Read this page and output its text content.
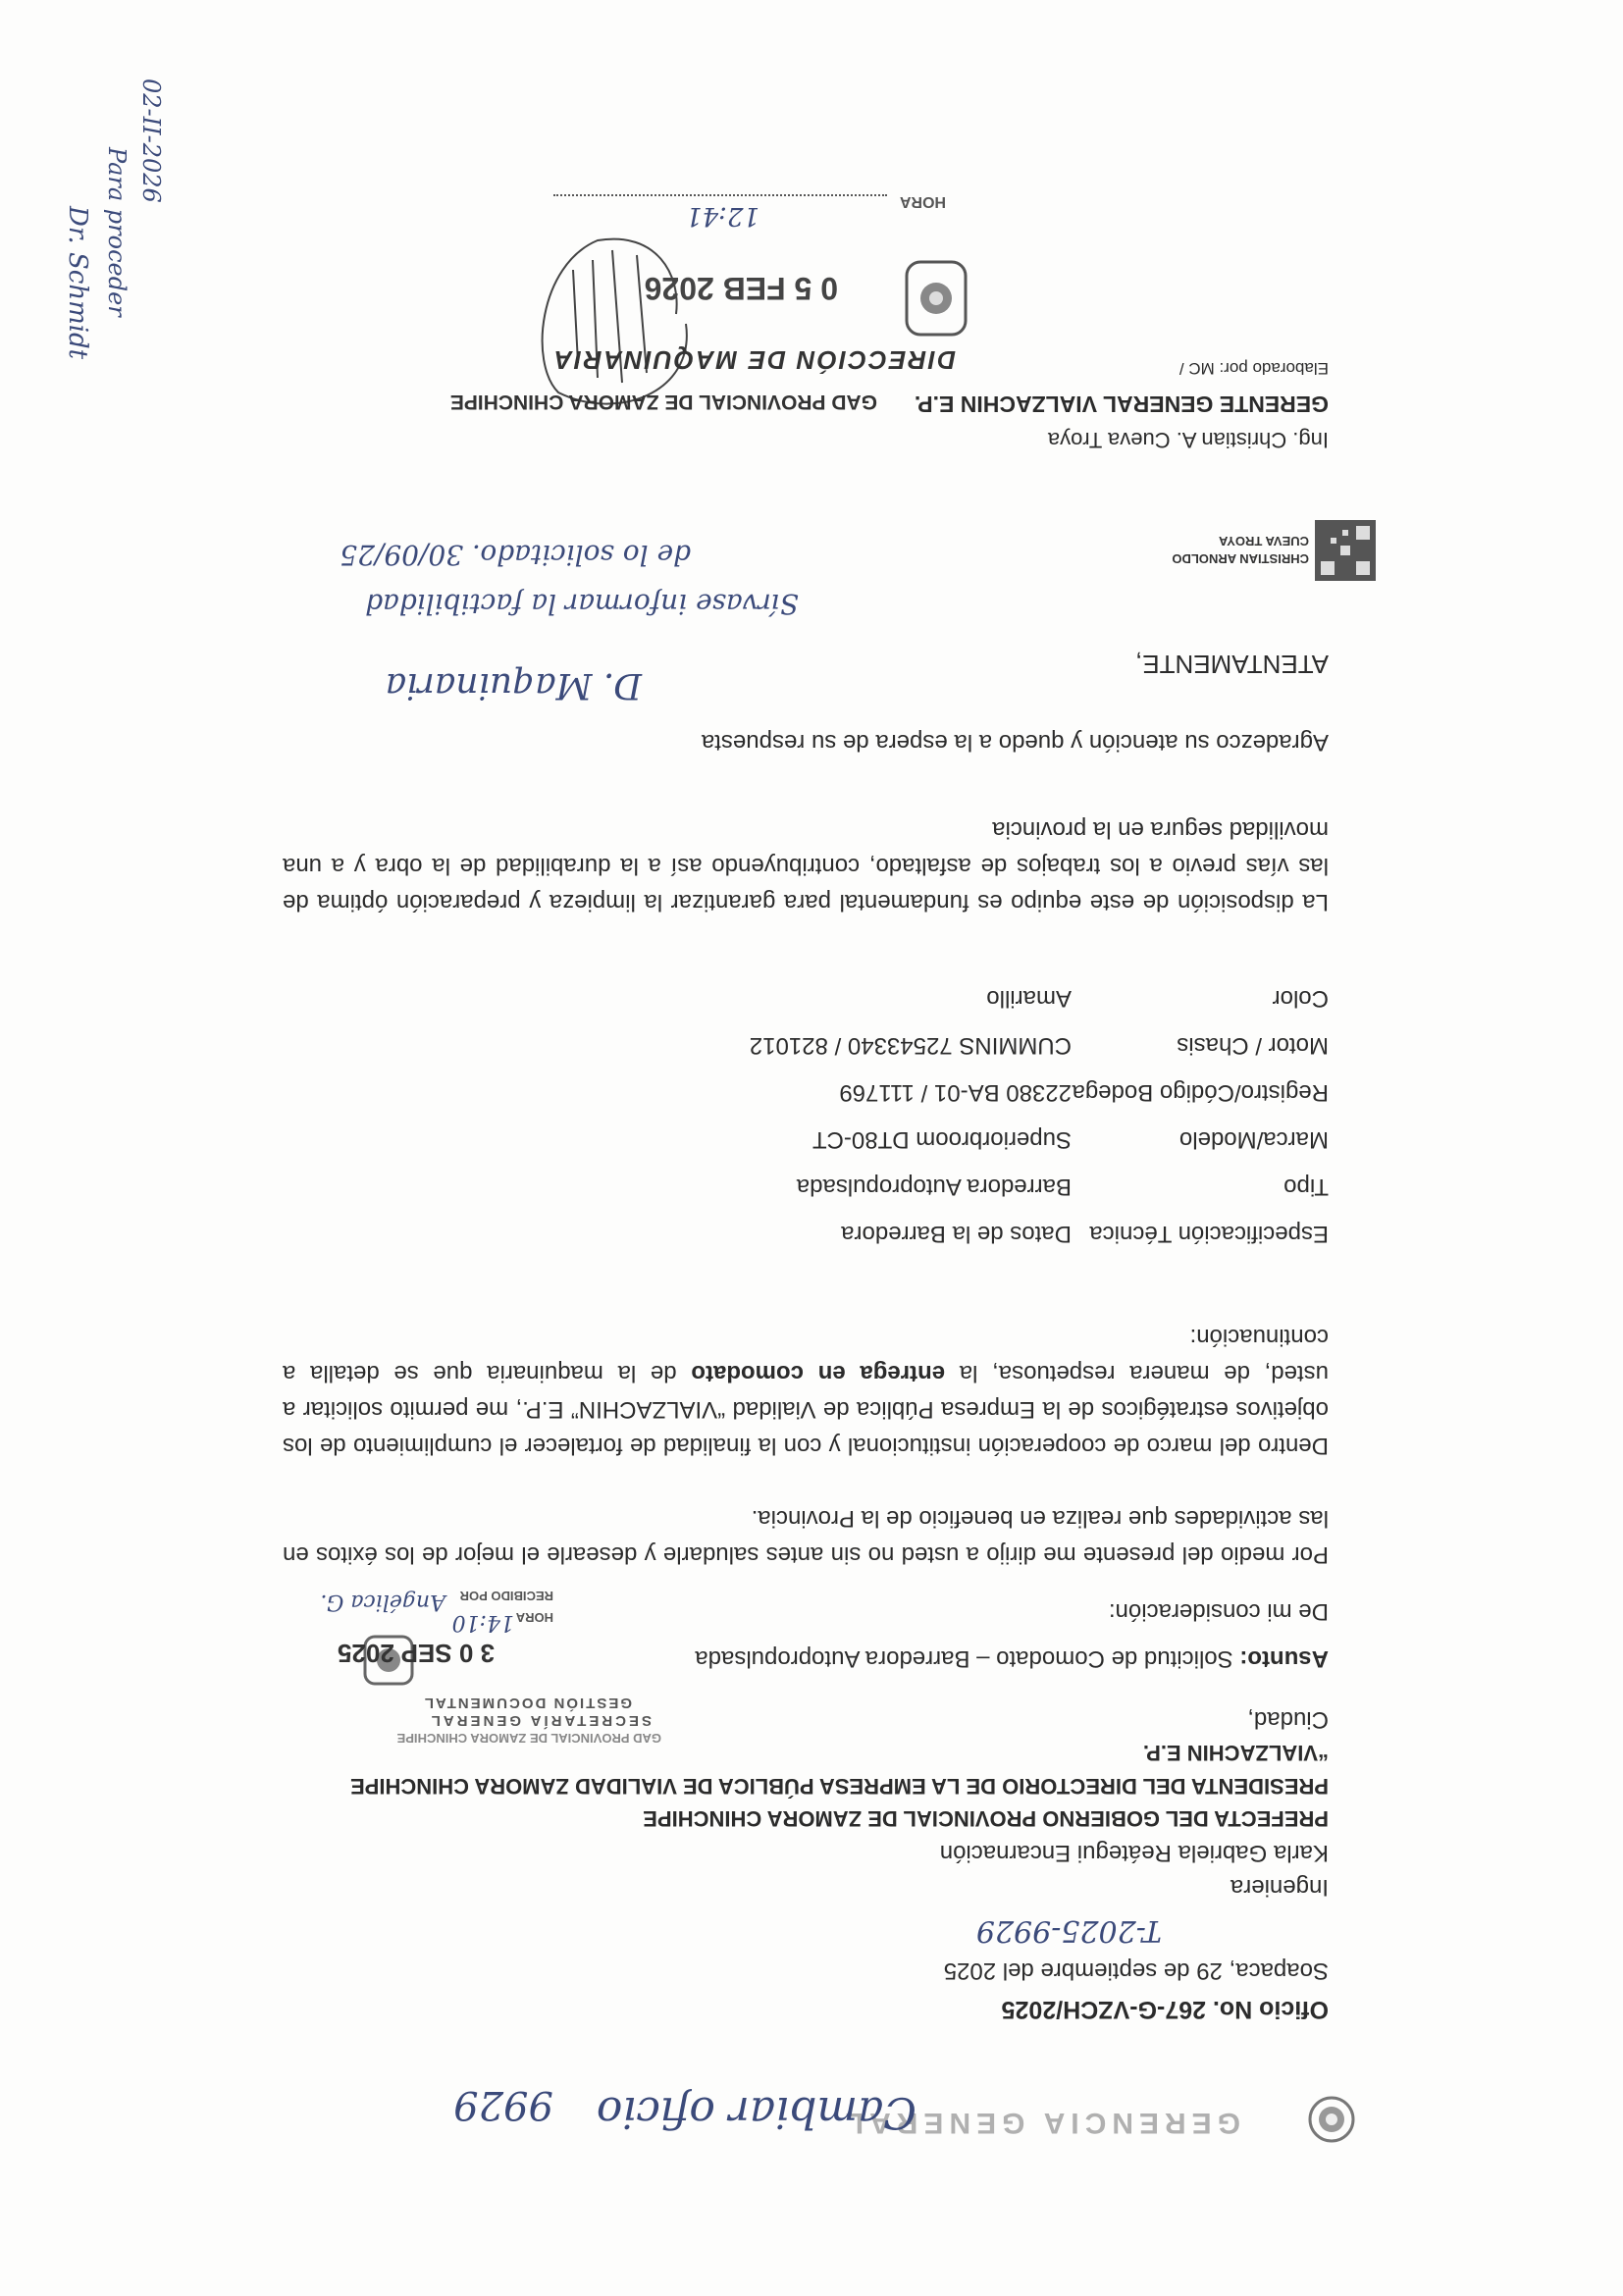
GERENCIA GENERAL
Cambiar oficio
9929
Oficio No. 267-G-VZCH/2025
Soapaca, 29 de septiembre del 2025
T-2025-9929
Ingeniera
Karla Gabriela Reátegui Encarnación
PREFECTA DEL GOBIERNO PROVINCIAL DE ZAMORA CHINCHIPE
PRESIDENTA DEL DIRECTORIO DE LA EMPRESA PÚBLICA DE VIALIDAD ZAMORA CHINCHIPE
“VIALZACHIN E.P.
Ciudad,
GAD PROVINCIAL DE ZAMORA CHINCHIPE
SECRETARÍA GENERAL
GESTIÓN DOCUMENTAL
Asunto: Solicitud de Comodato – Barredora Autopropulsada
3 0 SEP 2025
HORA
14:10
RECIBIDO POR
Angélica G.	De mi consideración:
Por medio del presente me dirijo a usted no sin antes saludarle y desearle el mejor de los éxitos en las actividades que realiza en beneficio de la Provincia.
Dentro del marco de cooperación institucional y con la finalidad de fortalecer el cumplimiento de los objetivos estratégicos de la Empresa Pública de Vialidad “VIALZACHIN” E.P., me permito solicitar a usted, de manera respetuosa, la entrega en comodato de la maquinaria que se detalla a continuación:
Especificación Técnica	Datos de la Barredora
Tipo	Barredora Autopropulsada
Marca/Modelo	Superiorbroom DT80-CT
Registro/Código Bodega	22380 BA-01 / 111769
Motor / Chasis	CUMMINS 72543340 / 821012
Color	Amarillo
La disposición de este equipo es fundamental para garantizar la limpieza y preparación óptima de las vías previo a los trabajos de asfaltado, contribuyendo así a la durabilidad de la obra y a una movilidad segura en la provincia
Agradezco su atención y quedo a la espera de su respuesta
ATENTAMENTE,
D. Maquinaria
CHRISTIAN ARNOLDO
CUEVA TROYA
Sírvase informar la factibilidad
de lo solicitado. 30/09/25
Ing. Christian A. Cueva Troya
GERENTE GENERAL VIALZACHIN E.P.
GAD PROVINCIAL DE ZAMORA CHINCHIPE
Elaborado por: MC /
DIRECCIÓN DE MAQUINARIA
0 5 FEB 2026
HORA
12:41
Dr. Schmidt Para proceder
02-II-2026
